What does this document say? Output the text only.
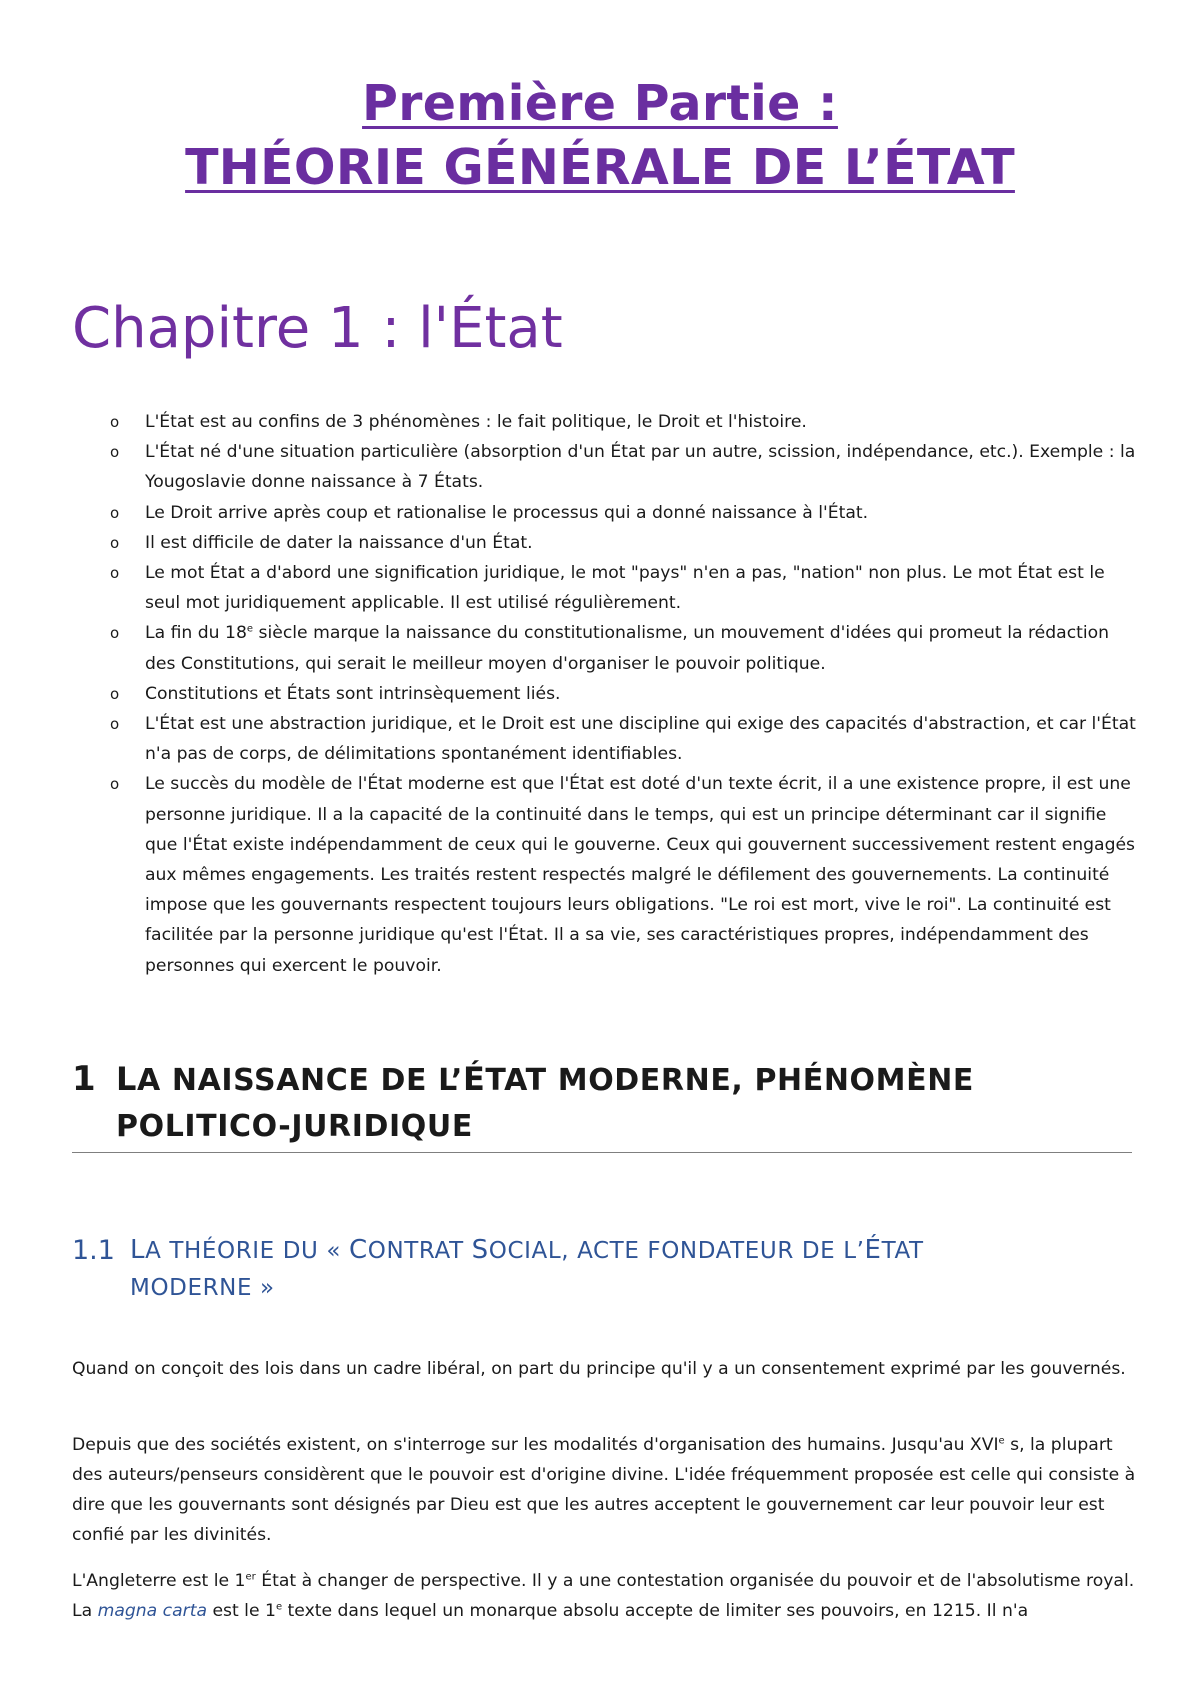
Première Partie :
THÉORIE GÉNÉRALE DE L’ÉTAT
Chapitre 1 : l'État
o L'État est au confins de 3 phénomènes : le fait politique, le Droit et l'histoire.
o L'État né d'une situation particulière (absorption d'un État par un autre, scission, indépendance, etc.). Exemple : la Yougoslavie donne naissance à 7 États.
o Le Droit arrive après coup et rationalise le processus qui a donné naissance à l'État.
o Il est difficile de dater la naissance d'un État.
o Le mot État a d'abord une signification juridique, le mot "pays" n'en a pas, "nation" non plus. Le mot État est le seul mot juridiquement applicable. Il est utilisé régulièrement.
o La fin du 18e siècle marque la naissance du constitutionalisme, un mouvement d'idées qui promeut la rédaction des Constitutions, qui serait le meilleur moyen d'organiser le pouvoir politique.
o Constitutions et États sont intrinsèquement liés.
o L'État est une abstraction juridique, et le Droit est une discipline qui exige des capacités d'abstraction, et car l'État n'a pas de corps, de délimitations spontanément identifiables.
o Le succès du modèle de l'État moderne est que l'État est doté d'un texte écrit, il a une existence propre, il est une personne juridique. Il a la capacité de la continuité dans le temps, qui est un principe déterminant car il signifie que l'État existe indépendamment de ceux qui le gouverne. Ceux qui gouvernent successivement restent engagés aux mêmes engagements. Les traités restent respectés malgré le défilement des gouvernements. La continuité impose que les gouvernants respectent toujours leurs obligations. "Le roi est mort, vive le roi". La continuité est facilitée par la personne juridique qu'est l'État. Il a sa vie, ses caractéristiques propres, indépendamment des personnes qui exercent le pouvoir.
1 LA NAISSANCE DE L’ÉTAT MODERNE, PHÉNOMÈNE
POLITICO-JURIDIQUE
1.1 LA THÉORIE DU « CONTRAT SOCIAL, ACTE FONDATEUR DE L’ÉTAT
MODERNE »

Quand on conçoit des lois dans un cadre libéral, on part du principe qu'il y a un consentement exprimé par les gouvernés.

Depuis que des sociétés existent, on s'interroge sur les modalités d'organisation des humains. Jusqu'au XVIe s, la plupart des auteurs/penseurs considèrent que le pouvoir est d'origine divine. L'idée fréquemment proposée est celle qui consiste à dire que les gouvernants sont désignés par Dieu est que les autres acceptent le gouvernement car leur pouvoir leur est confié par les divinités.

L'Angleterre est le 1er État à changer de perspective. Il y a une contestation organisée du pouvoir et de l'absolutisme royal. La magna carta est le 1e texte dans lequel un monarque absolu accepte de limiter ses pouvoirs, en 1215. Il n'a
